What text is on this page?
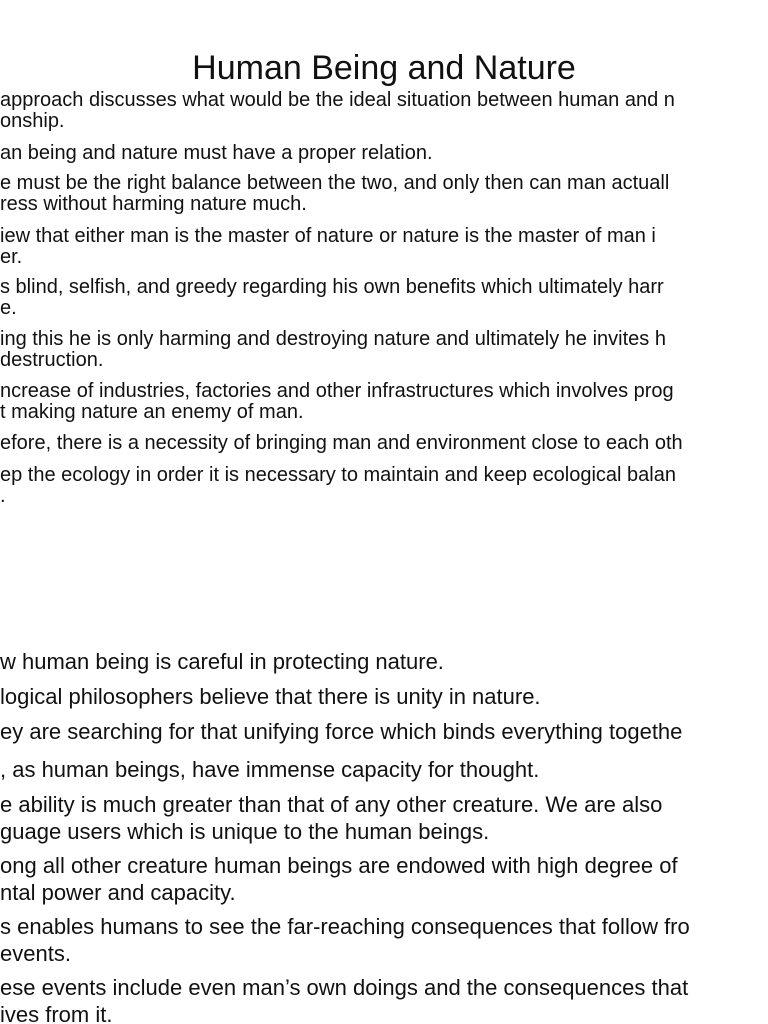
Human Being and Nature
approach discusses what would be the ideal situation between human and n
onship.
an being and nature must have a proper relation.
e must be the right balance between the two, and only then can man actuall
ress without harming nature much.
iew that either man is the master of nature or nature is the master of man i
er.
s blind, selfish, and greedy regarding his own benefits which ultimately harr
e.
ing this he is only harming and destroying nature and ultimately he invites h
destruction.
ncrease of industries, factories and other infrastructures which involves prog
t making nature an enemy of man.
efore, there is a necessity of bringing man and environment close to each oth
ep the ecology in order it is necessary to maintain and keep ecological balan
.
w human being is careful in protecting nature.
logical philosophers believe that there is unity in nature.
ey are searching for that unifying force which binds everything togethe
, as human beings, have immense capacity for thought.
e ability is much greater than that of any other creature. We are also
guage users which is unique to the human beings.
ong all other creature human beings are endowed with high degree of
ntal power and capacity.
s enables humans to see the far-reaching consequences that follow fro
events.
ese events include even man’s own doings and the consequences that
ives from it.
